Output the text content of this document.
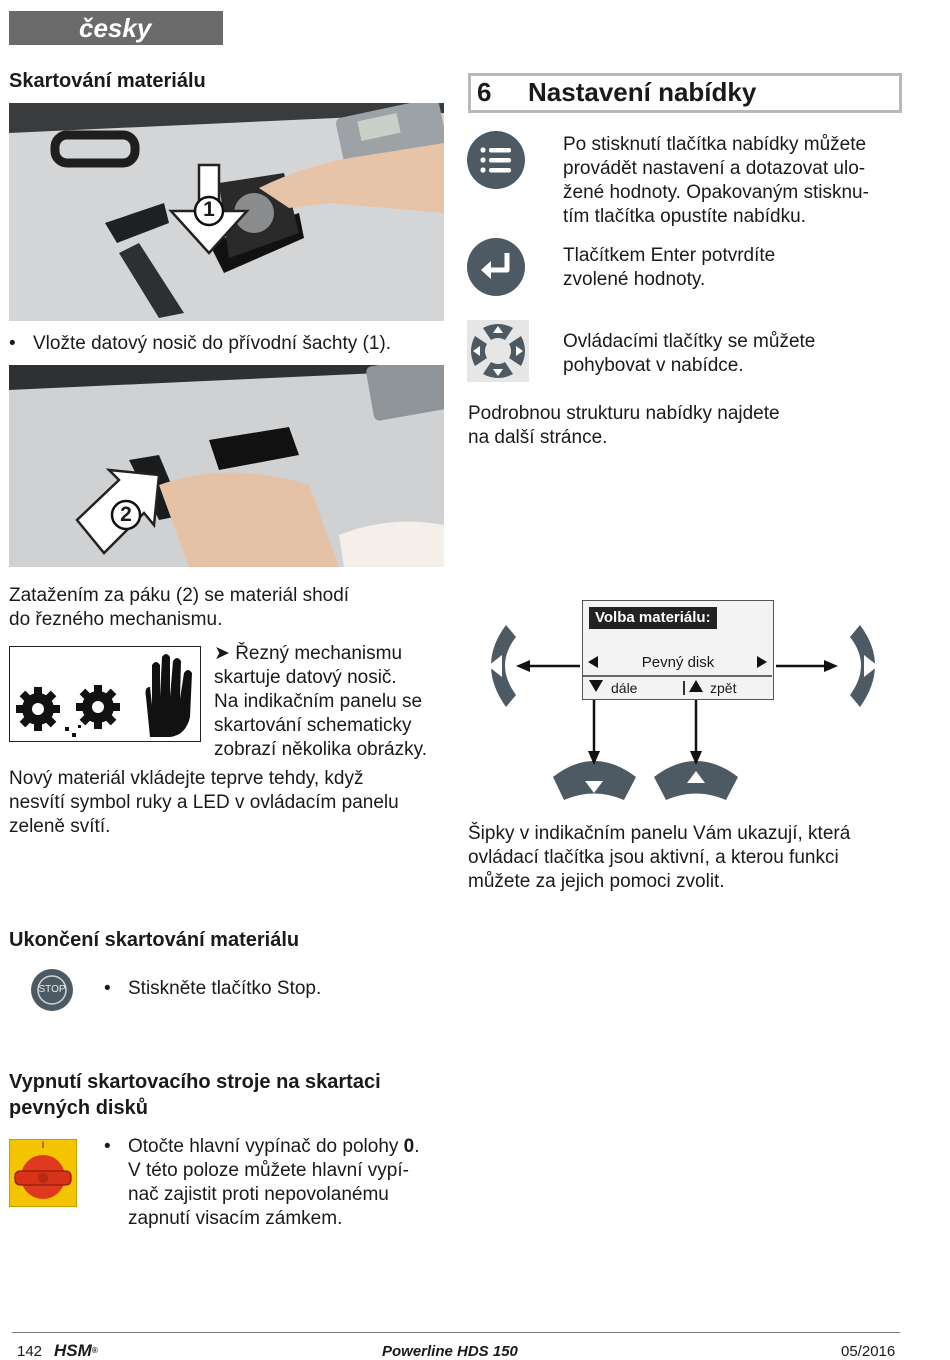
česky
Skartování materiálu
1
• Vložte datový nosič do přívodní šachty (1).
2
Zatažením za páku (2) se materiál shodí
do řezného mechanismu.
➤ Řezný mechanismu
skartuje datový nosič.
Na indikačním panelu se
skartování schematicky
zobrazí několika obrázky.
Nový materiál vkládejte teprve tehdy, když
nesvítí symbol ruky a LED v ovládacím panelu
zeleně svítí.
Ukončení skartování materiálu
STOP	• Stiskněte tlačítko Stop.
Vypnutí skartovacího stroje na skartaci
pevných disků
I	• Otočte hlavní vypínač do polohy 0.
V této poloze můžete hlavní vypí-
nač zajistit proti nepovolanému
zapnutí visacím zámkem.
6 Nastavení nabídky
Po stisknutí tlačítka nabídky můžete
provádět nastavení a dotazovat ulo-
žené hodnoty. Opakovaným stisknu-
tím tlačítka opustíte nabídku.
Tlačítkem Enter potvrdíte
zvolené hodnoty.
Ovládacími tlačítky se můžete
pohybovat v nabídce.
Podrobnou strukturu nabídky najdete
na další stránce.
Volba materiálu:
Pevný disk
dále	zpět
Šipky v indikačním panelu Vám ukazují, která
ovládací tlačítka jsou aktivní, a kterou funkci
můžete za jejich pomoci zvolit.
142 HSM®	Powerline HDS 150	05/2016
